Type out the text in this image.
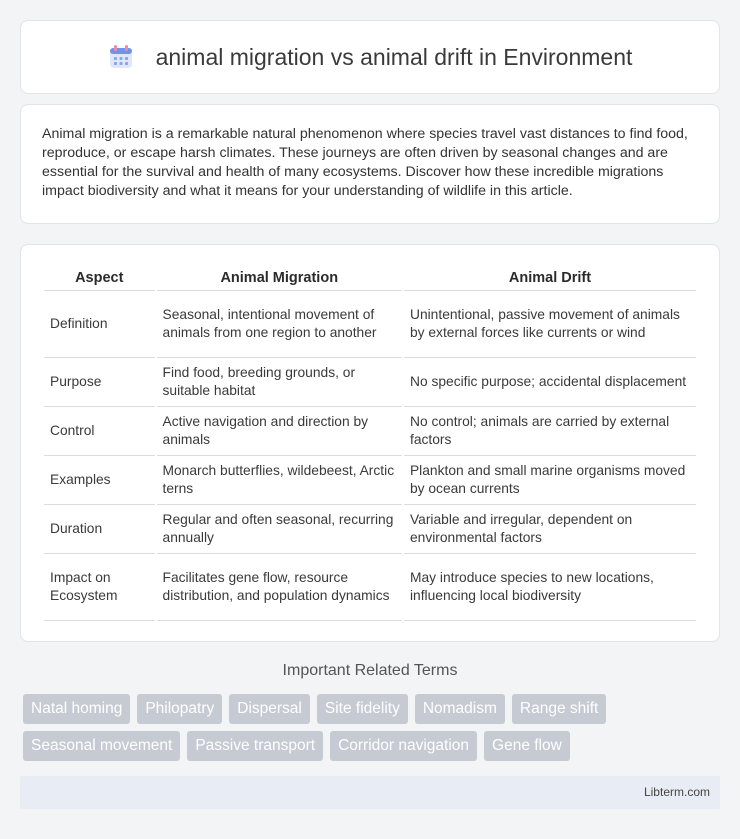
animal migration vs animal drift in Environment

Animal migration is a remarkable natural phenomenon where species travel vast distances to find food, reproduce, or escape harsh climates. These journeys are often driven by seasonal changes and are essential for the survival and health of many ecosystems. Discover how these incredible migrations impact biodiversity and what it means for your understanding of wildlife in this article.

Aspect	Animal Migration	Animal Drift
Definition	Seasonal, intentional movement of animals from one region to another	Unintentional, passive movement of animals by external forces like currents or wind
Purpose	Find food, breeding grounds, or suitable habitat	No specific purpose; accidental displacement
Control	Active navigation and direction by animals	No control; animals are carried by external factors
Examples	Monarch butterflies, wildebeest, Arctic terns	Plankton and small marine organisms moved by ocean currents
Duration	Regular and often seasonal, recurring annually	Variable and irregular, dependent on environmental factors
Impact on Ecosystem	Facilitates gene flow, resource distribution, and population dynamics	May introduce species to new locations, influencing local biodiversity
Important Related Terms
Natal homing	Philopatry	Dispersal	Site fidelity	Nomadism	Range shift
Seasonal movement	Passive transport	Corridor navigation	Gene flow
Libterm.com
